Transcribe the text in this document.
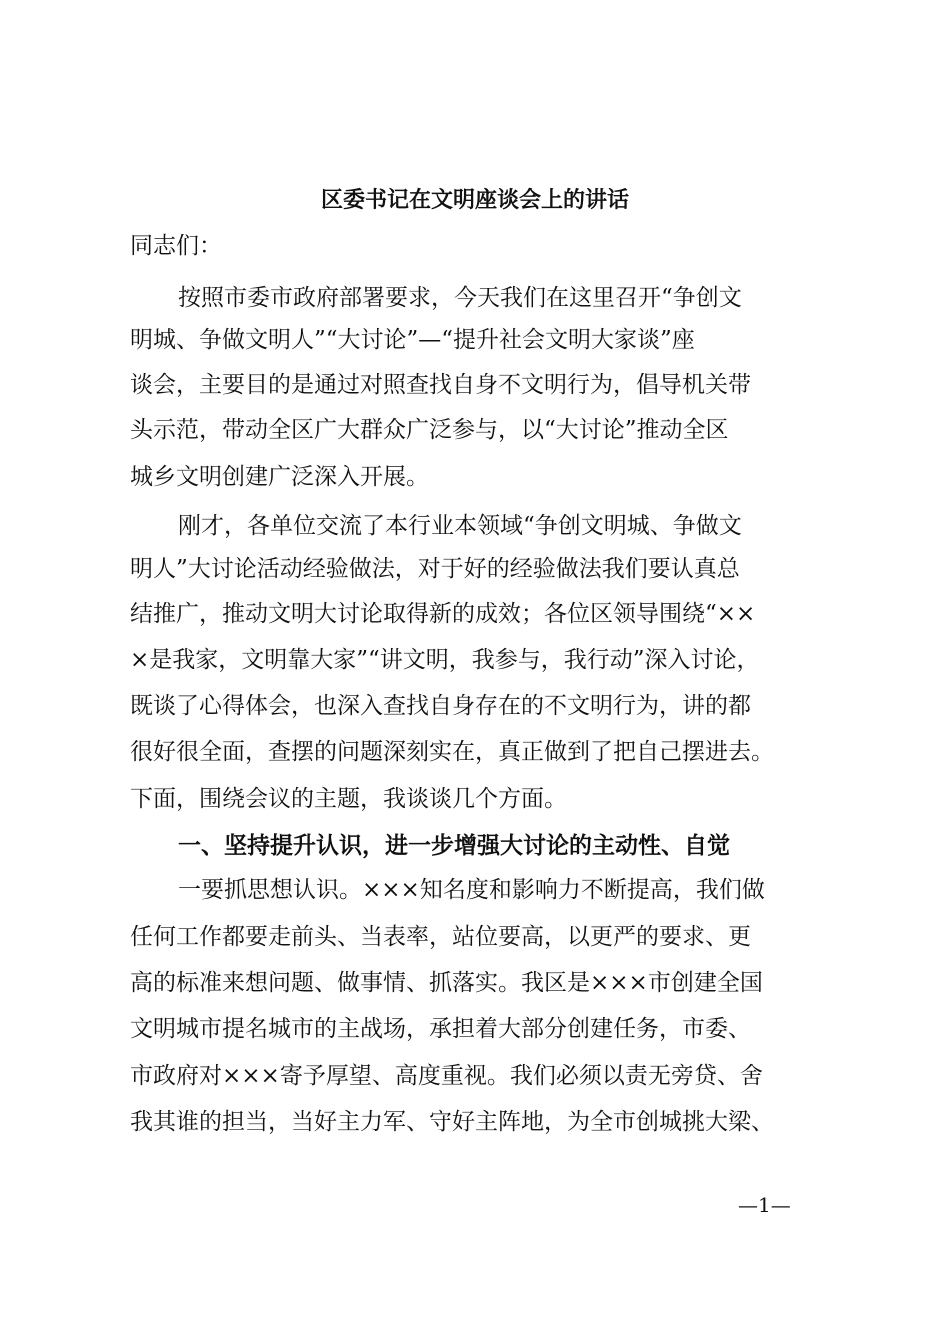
区委书记在文明座谈会上的讲话
同志们：
按照市委市政府部署要求，今天我们在这里召开“争创文
明城、争做文明人”“大讨论”—“提升社会文明大家谈”座
谈会，主要目的是通过对照查找自身不文明行为，倡导机关带
头示范，带动全区广大群众广泛参与，以“大讨论”推动全区
城乡文明创建广泛深入开展。
刚才，各单位交流了本行业本领域“争创文明城、争做文
明人”大讨论活动经验做法，对于好的经验做法我们要认真总
结推广，推动文明大讨论取得新的成效；各位区领导围绕“××
×是我家，文明靠大家”“讲文明，我参与，我行动”深入讨论，
既谈了心得体会，也深入查找自身存在的不文明行为，讲的都
很好很全面，查摆的问题深刻实在，真正做到了把自己摆进去。
下面，围绕会议的主题，我谈谈几个方面。
一、坚持提升认识，进一步增强大讨论的主动性、自觉
一要抓思想认识。×××知名度和影响力不断提高，我们做
任何工作都要走前头、当表率，站位要高，以更严的要求、更
高的标准来想问题、做事情、抓落实。我区是×××市创建全国
文明城市提名城市的主战场，承担着大部分创建任务，市委、
市政府对×××寄予厚望、高度重视。我们必须以责无旁贷、舍
我其谁的担当，当好主力军、守好主阵地，为全市创城挑大梁、
—1—
